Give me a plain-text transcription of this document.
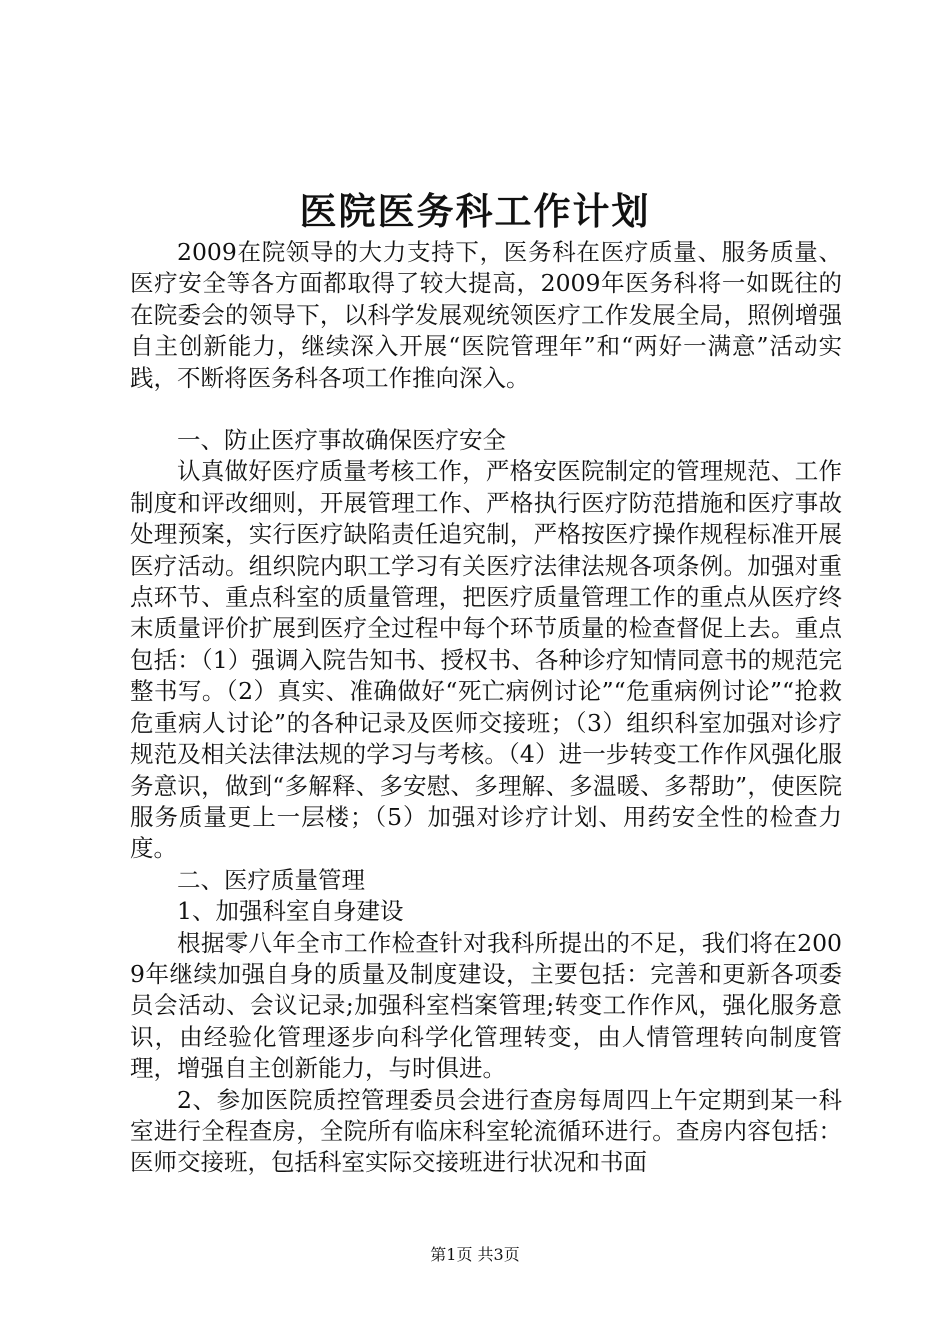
医院医务科工作计划

2009在院领导的大力支持下，医务科在医疗质量、服务质量、医疗安全等各方面都取得了较大提高，2009年医务科将一如既往的在院委会的领导下，以科学发展观统领医疗工作发展全局，照例增强自主创新能力，继续深入开展“医院管理年”和“两好一满意”活动实践，不断将医务科各项工作推向深入。

一、防止医疗事故确保医疗安全

认真做好医疗质量考核工作，严格安医院制定的管理规范、工作制度和评改细则，开展管理工作、严格执行医疗防范措施和医疗事故处理预案，实行医疗缺陷责任追究制，严格按医疗操作规程标准开展医疗活动。组织院内职工学习有关医疗法律法规各项条例。加强对重点环节、重点科室的质量管理，把医疗质量管理工作的重点从医疗终末质量评价扩展到医疗全过程中每个环节质量的检查督促上去。重点包括：（1）强调入院告知书、授权书、各种诊疗知情同意书的规范完整书写。（2）真实、准确做好“死亡病例讨论”“危重病例讨论”“抢救危重病人讨论”的各种记录及医师交接班；（3）组织科室加强对诊疗规范及相关法律法规的学习与考核。（4）进一步转变工作作风强化服务意识，做到“多解释、多安慰、多理解、多温暖、多帮助”，使医院服务质量更上一层楼；（5）加强对诊疗计划、用药安全性的检查力度。

二、医疗质量管理

1、加强科室自身建设

根据零八年全市工作检查针对我科所提出的不足，我们将在2009年继续加强自身的质量及制度建设，主要包括：完善和更新各项委员会活动、会议记录;加强科室档案管理;转变工作作风，强化服务意识，由经验化管理逐步向科学化管理转变，由人情管理转向制度管理，增强自主创新能力，与时俱进。

2、参加医院质控管理委员会进行查房每周四上午定期到某一科室进行全程查房，全院所有临床科室轮流循环进行。查房内容包括：医师交接班，包括科室实际交接班进行状况和书面

第1页 共3页
